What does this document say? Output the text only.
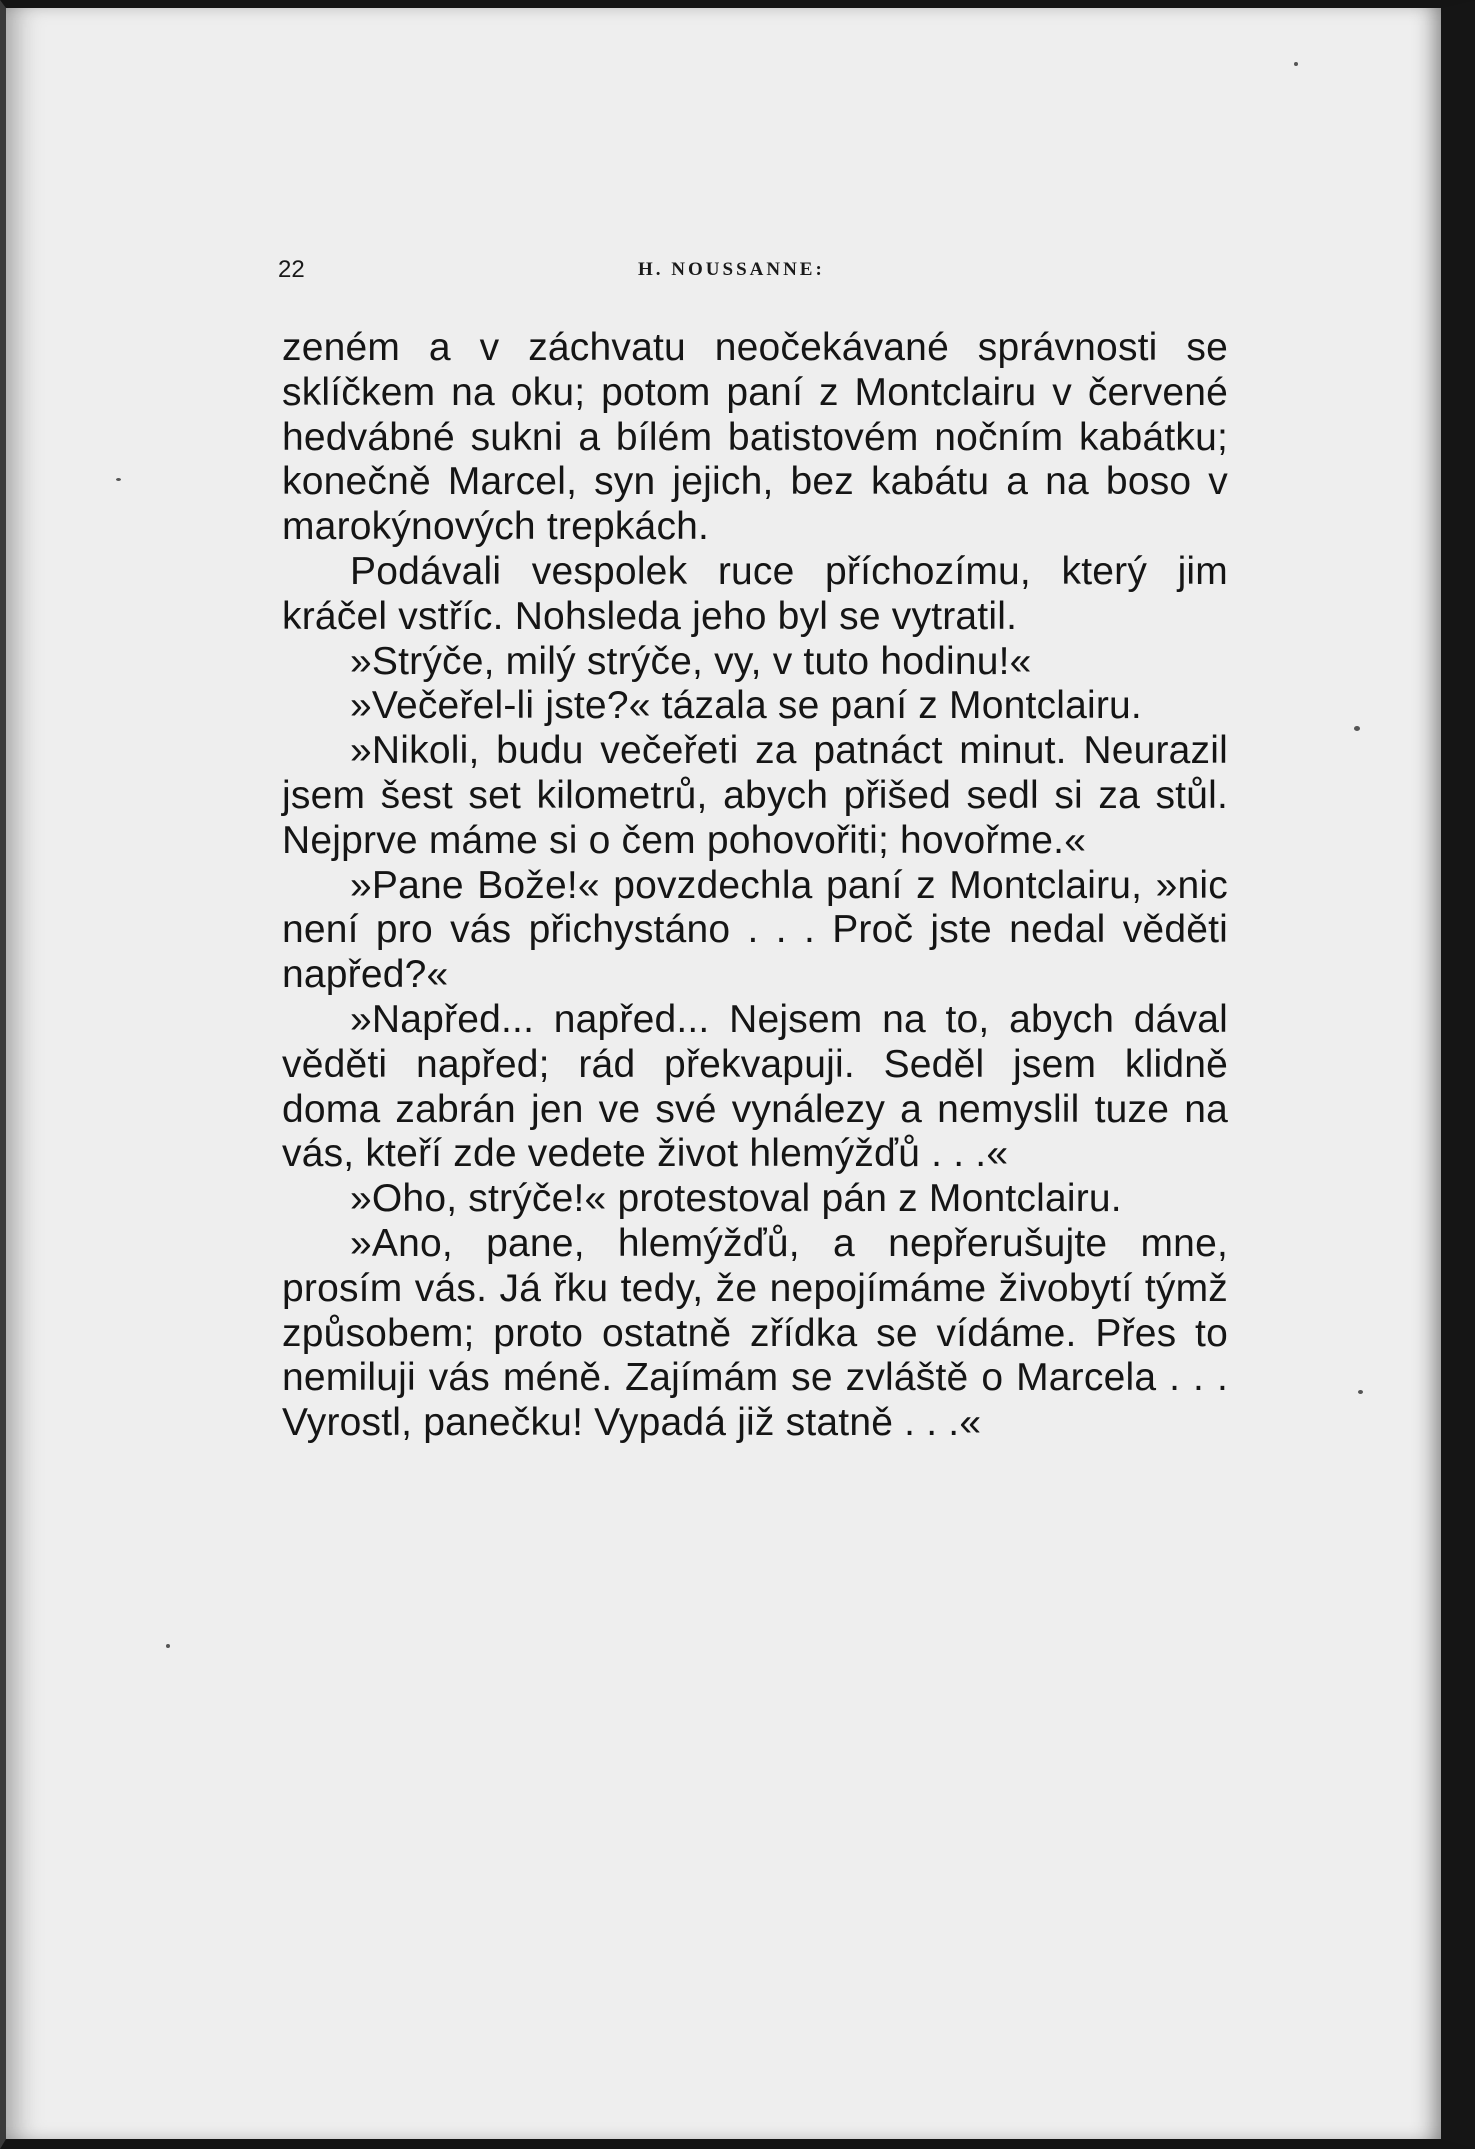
22	H. NOUSSANNE:

zeném a v záchvatu neočekávané správnosti se sklíčkem na oku; potom paní z Montclairu v červené hedvábné sukni a bílém batistovém nočním kabátku; konečně Marcel, syn jejich, bez kabátu a na boso v marokýnových trepkách.

Podávali vespolek ruce příchozímu, který jim kráčel vstříc. Nohsleda jeho byl se vytratil.

»Strýče, milý strýče, vy, v tuto hodinu!«

»Večeřel-li jste?« tázala se paní z Montclairu.

»Nikoli, budu večeřeti za patnáct minut. Neurazil jsem šest set kilometrů, abych přišed sedl si za stůl. Nejprve máme si o čem pohovořiti; hovořme.«

»Pane Bože!« povzdechla paní z Montclairu, »nic není pro vás přichystáno . . . Proč jste nedal věděti napřed?«

»Napřed... napřed... Nejsem na to, abych dával věděti napřed; rád překvapuji. Seděl jsem klidně doma zabrán jen ve své vynálezy a nemyslil tuze na vás, kteří zde vedete život hlemýžďů . . .«

»Oho, strýče!« protestoval pán z Montclairu.

»Ano, pane, hlemýžďů, a nepřerušujte mne, prosím vás. Já řku tedy, že nepojímáme živobytí týmž způsobem; proto ostatně zřídka se vídáme. Přes to nemiluji vás méně. Zajímám se zvláště o Marcela . . . Vyrostl, panečku! Vypadá již statně . . .«
